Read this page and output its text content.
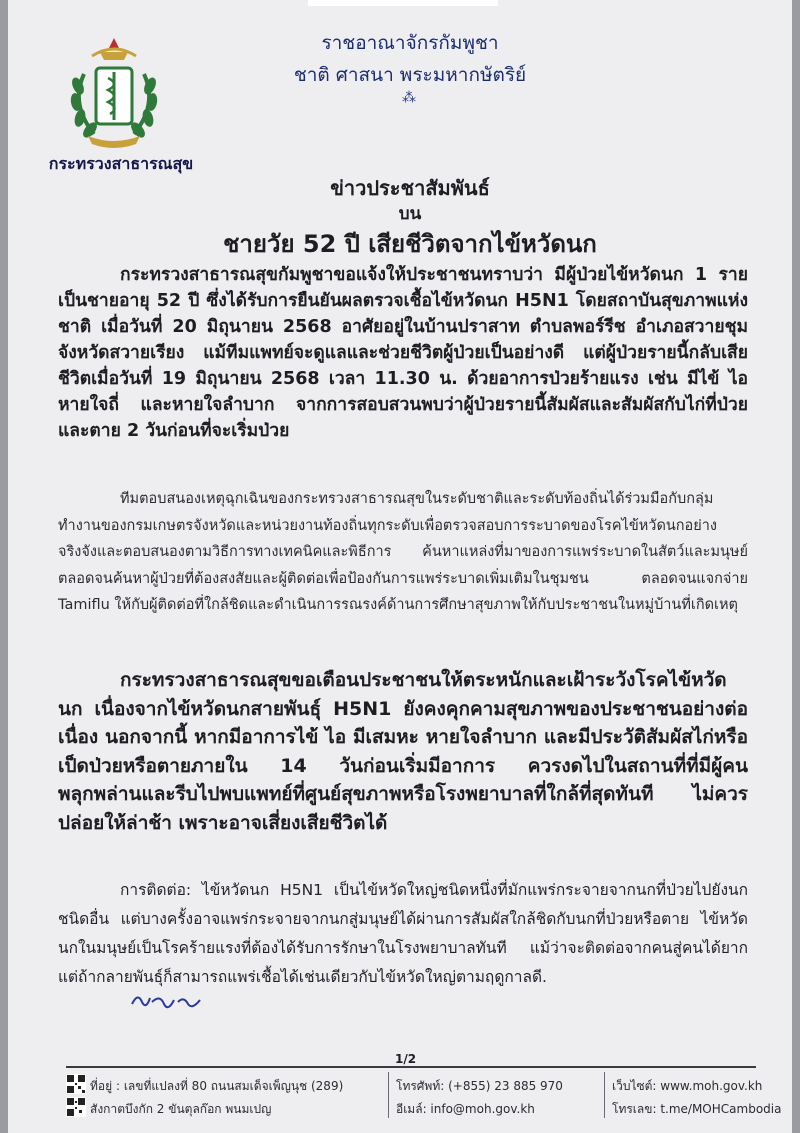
กระทรวงสาธารณสุข
ราชอาณาจักรกัมพูชา
ชาติ ศาสนา พระมหากษัตริย์
⁂
ข่าวประชาสัมพันธ์
บน
ชายวัย 52 ปี เสียชีวิตจากไข้หวัดนก
กระทรวงสาธารณสุขกัมพูชาขอแจ้งให้ประชาชนทราบว่า มีผู้ป่วยไข้หวัดนก 1 ราย เป็นชายอายุ 52 ปี ซึ่งได้รับการยืนยันผลตรวจเชื้อไข้หวัดนก H5N1 โดยสถาบันสุขภาพแห่งชาติ เมื่อวันที่ 20 มิถุนายน 2568 อาศัยอยู่ในบ้านปราสาท ตำบลพอร์รีช อำเภอสวายชุม จังหวัดสวายเรียง แม้ทีมแพทย์จะดูแลและช่วยชีวิตผู้ป่วยเป็นอย่างดี แต่ผู้ป่วยรายนี้กลับเสียชีวิตเมื่อวันที่ 19 มิถุนายน 2568 เวลา 11.30 น. ด้วยอาการป่วยร้ายแรง เช่น มีไข้ ไอ หายใจถี่ และหายใจลำบาก จากการสอบสวนพบว่าผู้ป่วยรายนี้สัมผัสและสัมผัสกับไก่ที่ป่วยและตาย 2 วันก่อนที่จะเริ่มป่วย
ทีมตอบสนองเหตุฉุกเฉินของกระทรวงสาธารณสุขในระดับชาติและระดับท้องถิ่นได้ร่วมมือกับกลุ่มทำงานของกรมเกษตรจังหวัดและหน่วยงานท้องถิ่นทุกระดับเพื่อตรวจสอบการระบาดของโรคไข้หวัดนกอย่างจริงจังและตอบสนองตามวิธีการทางเทคนิคและพิธีการ ค้นหาแหล่งที่มาของการแพร่ระบาดในสัตว์และมนุษย์ ตลอดจนค้นหาผู้ป่วยที่ต้องสงสัยและผู้ติดต่อเพื่อป้องกันการแพร่ระบาดเพิ่มเติมในชุมชน ตลอดจนแจกจ่าย Tamiflu ให้กับผู้ติดต่อที่ใกล้ชิดและดำเนินการรณรงค์ด้านการศึกษาสุขภาพให้กับประชาชนในหมู่บ้านที่เกิดเหตุ
กระทรวงสาธารณสุขขอเตือนประชาชนให้ตระหนักและเฝ้าระวังโรคไข้หวัดนก เนื่องจากไข้หวัดนกสายพันธุ์ H5N1 ยังคงคุกคามสุขภาพของประชาชนอย่างต่อเนื่อง นอกจากนี้ หากมีอาการไข้ ไอ มีเสมหะ หายใจลำบาก และมีประวัติสัมผัสไก่หรือเป็ดป่วยหรือตายภายใน 14 วันก่อนเริ่มมีอาการ ควรงดไปในสถานที่ที่มีผู้คนพลุกพล่านและรีบไปพบแพทย์ที่ศูนย์สุขภาพหรือโรงพยาบาลที่ใกล้ที่สุดทันที ไม่ควรปล่อยให้ล่าช้า เพราะอาจเสี่ยงเสียชีวิตได้
การติดต่อ: ไข้หวัดนก H5N1 เป็นไข้หวัดใหญ่ชนิดหนึ่งที่มักแพร่กระจายจากนกที่ป่วยไปยังนกชนิดอื่น แต่บางครั้งอาจแพร่กระจายจากนกสู่มนุษย์ได้ผ่านการสัมผัสใกล้ชิดกับนกที่ป่วยหรือตาย ไข้หวัดนกในมนุษย์เป็นโรคร้ายแรงที่ต้องได้รับการรักษาในโรงพยาบาลทันที แม้ว่าจะติดต่อจากคนสู่คนได้ยาก แต่ถ้ากลายพันธุ์ก็สามารถแพร่เชื้อได้เช่นเดียวกับไข้หวัดใหญ่ตามฤดูกาลดี.
1/2
ที่อยู่ : เลขที่แปลงที่ 80 ถนนสมเด็จเพ็ญนุช (289)
สังกาตบึงกัก 2 ขันตุลก๊อก พนมเปญ
โทรศัพท์: (+855) 23 885 970
อีเมล์: info@moh.gov.kh
เว็บไซต์: www.moh.gov.kh
โทรเลข: t.me/MOHCambodia
